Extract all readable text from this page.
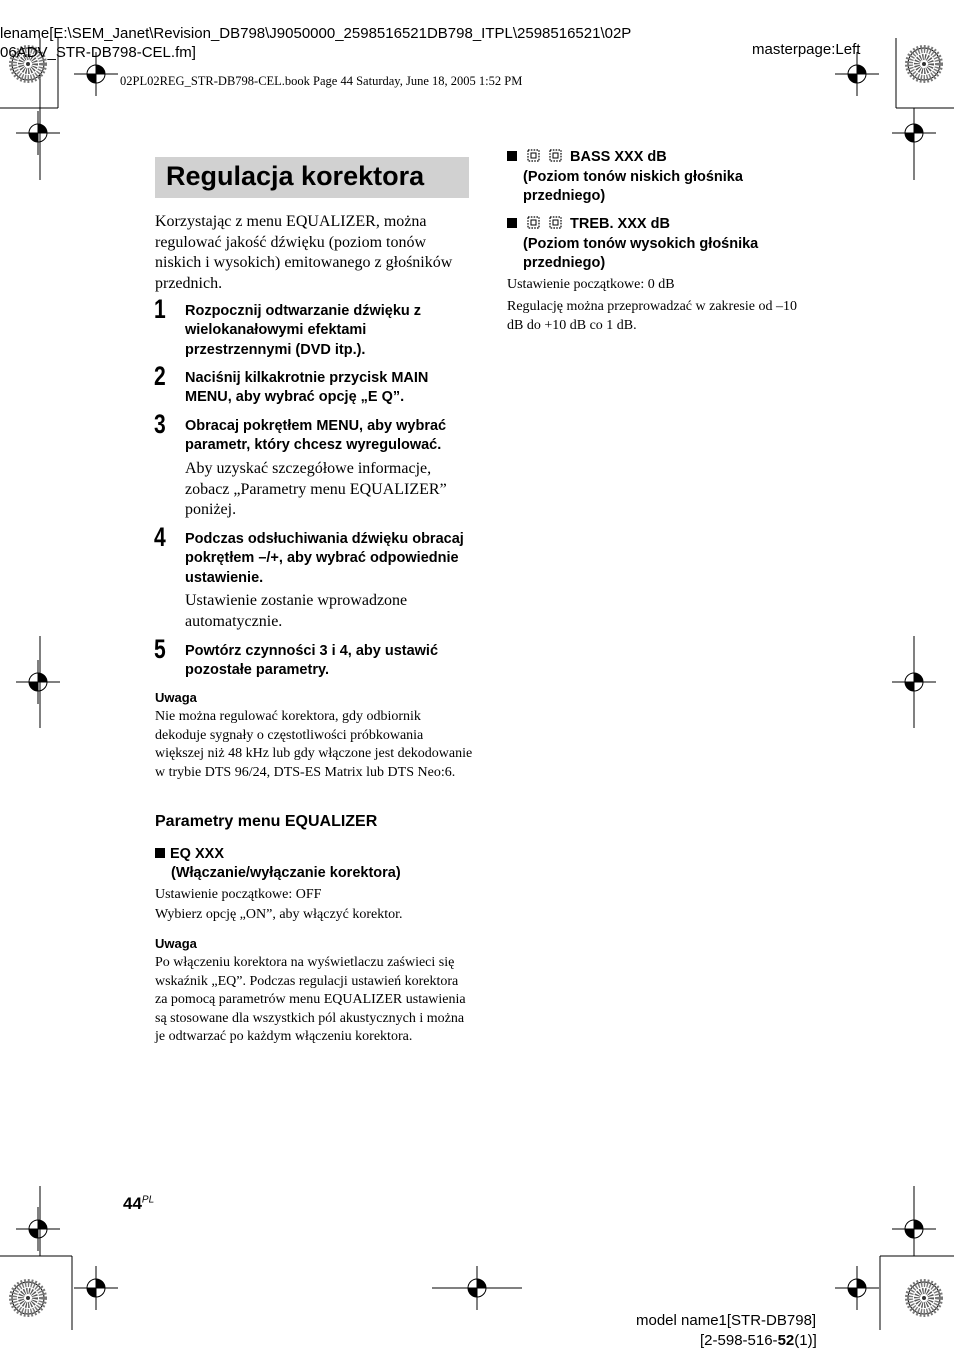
lename[E:\SEM_Janet\Revision_DB798\J9050000_2598516521DB798_ITPL\2598516521\02P
06ADV_STR-DB798-CEL.fm]	masterpage:Left
02PL02REG_STR-DB798-CEL.book Page 44 Saturday, June 18, 2005 1:52 PM
Regulacja korektora
Korzystając z menu EQUALIZER, można regulować jakość dźwięku (poziom tonów niskich i wysokich) emitowanego z głośników przednich.
1 Rozpocznij odtwarzanie dźwięku z wielokanałowymi efektami przestrzennymi (DVD itp.).
2 Naciśnij kilkakrotnie przycisk MAIN MENU, aby wybrać opcję „E Q”.
3 Obracaj pokrętłem MENU, aby wybrać parametr, który chcesz wyregulować.
Aby uzyskać szczegółowe informacje, zobacz „Parametry menu EQUALIZER” poniżej.
4 Podczas odsłuchiwania dźwięku obracaj pokrętłem –/+, aby wybrać odpowiednie ustawienie.
Ustawienie zostanie wprowadzone automatycznie.
5 Powtórz czynności 3 i 4, aby ustawić pozostałe parametry.
Uwaga
Nie można regulować korektora, gdy odbiornik dekoduje sygnały o częstotliwości próbkowania większej niż 48 kHz lub gdy włączone jest dekodowanie w trybie DTS 96/24, DTS-ES Matrix lub DTS Neo:6.
Parametry menu EQUALIZER
EQ XXX
(Włączanie/wyłączanie korektora)
Ustawienie początkowe: OFF
Wybierz opcję „ON”, aby włączyć korektor.
Uwaga
Po włączeniu korektora na wyświetlaczu zaświeci się wskaźnik „EQ”. Podczas regulacji ustawień korektora za pomocą parametrów menu EQUALIZER ustawienia są stosowane dla wszystkich pól akustycznych i można je odtwarzać po każdym włączeniu korektora.
BASS XXX dB
(Poziom tonów niskich głośnika
przedniego)
TREB. XXX dB
(Poziom tonów wysokich głośnika
przedniego)
Ustawienie początkowe: 0 dB
Regulację można przeprowadzać w zakresie od –10 dB do +10 dB co 1 dB.
$44^{PL}$
model name1[STR-DB798]
[2-598-516-52(1)]
